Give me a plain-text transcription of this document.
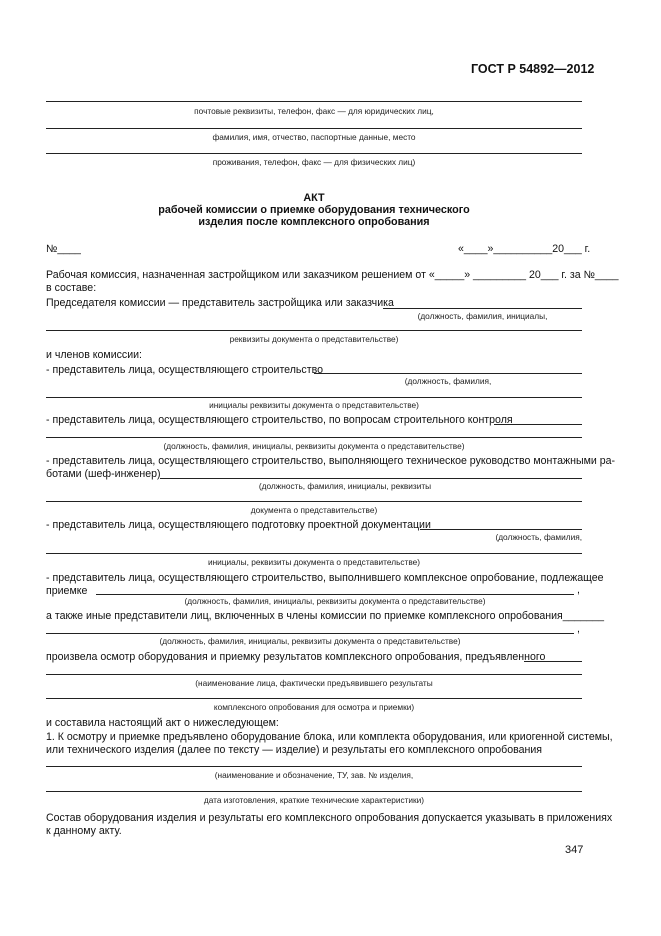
ГОСТ Р 54892—2012
почтовые реквизиты, телефон, факс — для юридических лиц,
фамилия, имя, отчество, паспортные данные, место
проживания, телефон, факс — для физических лиц)
АКТ
рабочей комиссии о приемке оборудования технического
изделия после комплексного опробования
№____	«____»__________20___ г.
Рабочая комиссия, назначенная застройщиком или заказчиком решением от «_____» _________ 20___ г. за №____
в составе:
Председателя комиссии — представитель застройщика или заказчика
(должность, фамилия, инициалы,
реквизиты документа о представительстве)
и членов комиссии:
- представитель лица, осуществляющего строительство
(должность, фамилия,
инициалы реквизиты документа о представительстве)
- представитель лица, осуществляющего строительство, по вопросам строительного контроля
(должность, фамилия, инициалы, реквизиты документа о представительстве)
- представитель лица, осуществляющего строительство, выполняющего техническое руководство монтажными ра-
ботами (шеф-инженер)
(должность, фамилия, инициалы, реквизиты
документа о представительстве)
- представитель лица, осуществляющего подготовку проектной документации
(должность, фамилия,
инициалы, реквизиты документа о представительстве)
- представитель лица, осуществляющего строительство, выполнившего комплексное опробование, подлежащее
приемке	,
(должность, фамилия, инициалы, реквизиты документа о представительстве)
а также иные представители лиц, включенных в члены комиссии по приемке комплексного опробования_______
,
(должность, фамилия, инициалы, реквизиты документа о представительстве)
произвела осмотр оборудования и приемку результатов комплексного опробования, предъявленного
(наименование лица, фактически предъявившего результаты
комплексного опробования для осмотра и приемки)
и составила настоящий акт о нижеследующем:
1. К осмотру и приемке предъявлено оборудование блока, или комплекта оборудования, или криогенной системы,
или технического изделия (далее по тексту — изделие) и результаты его комплексного опробования
(наименование и обозначение, ТУ, зав. № изделия,
дата изготовления, краткие технические характеристики)
Состав оборудования изделия и результаты его комплексного опробования допускается указывать в приложениях
к данному акту.
347
